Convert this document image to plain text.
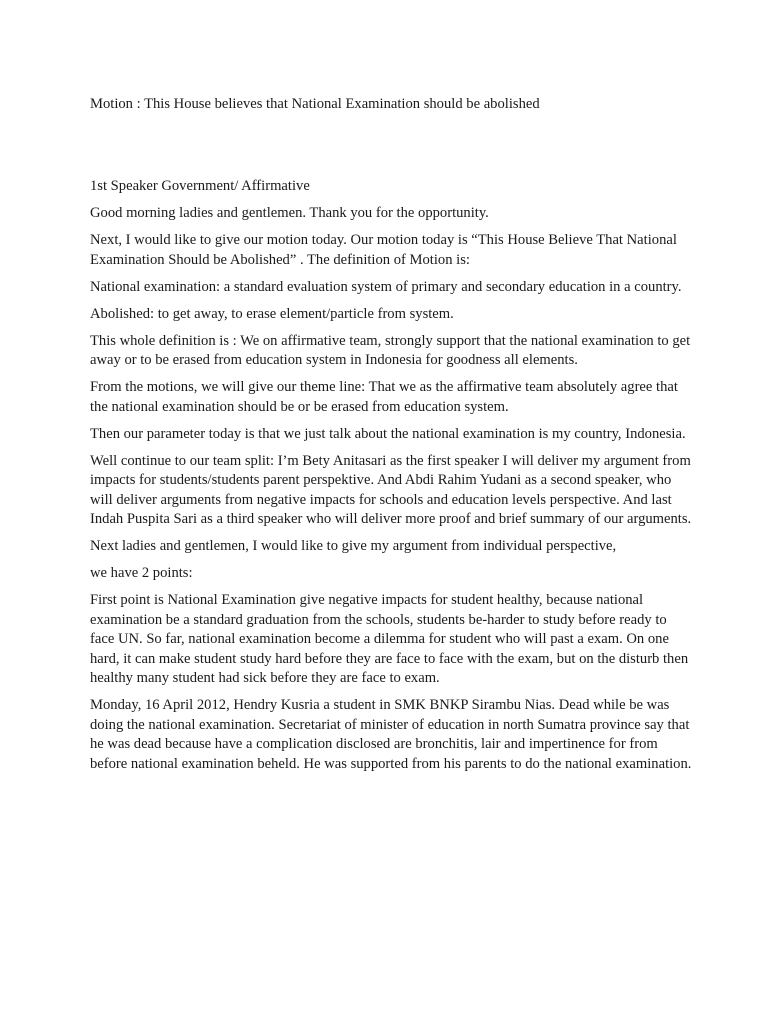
Motion : This House believes that National Examination should be abolished

1st Speaker Government/ Affirmative

Good morning ladies and gentlemen. Thank you for the opportunity.

Next, I would like to give our motion today. Our motion today is “This House Believe That National Examination Should be Abolished” . The definition of Motion is:

National examination: a standard evaluation system of primary and secondary education in a country.

Abolished: to get away, to erase element/particle from system.

This whole definition is : We on affirmative team, strongly support that the national examination to get away or to be erased from education system in Indonesia for goodness all elements.

From the motions, we will give our theme line: That we as the affirmative team absolutely agree that the national examination should be or be erased from education system.

Then our parameter today is that we just talk about the national examination is my country, Indonesia.

Well continue to our team split: I’m Bety Anitasari as the first speaker I will deliver my argument from impacts for students/students parent perspektive. And Abdi Rahim Yudani as a second speaker, who will deliver arguments from negative impacts for schools and education levels perspective. And last Indah Puspita Sari as a third speaker who will deliver more proof and brief summary of our arguments.

Next ladies and gentlemen, I would like to give my argument from individual perspective,

we have 2 points:

First point is National Examination give negative impacts for student healthy, because national examination be a standard graduation from the schools, students be-harder to study before ready to face UN. So far, national examination become a dilemma for student who will past a exam. On one hard, it can make student study hard before they are face to face with the exam, but on the disturb then healthy many student had sick before they are face to exam.

Monday, 16 April 2012, Hendry Kusria a student in SMK BNKP Sirambu Nias. Dead while be was doing the national examination. Secretariat of minister of education in north Sumatra province say that he was dead because have a complication disclosed are bronchitis, lair and impertinence for from before national examination beheld. He was supported from his parents to do the national examination.
